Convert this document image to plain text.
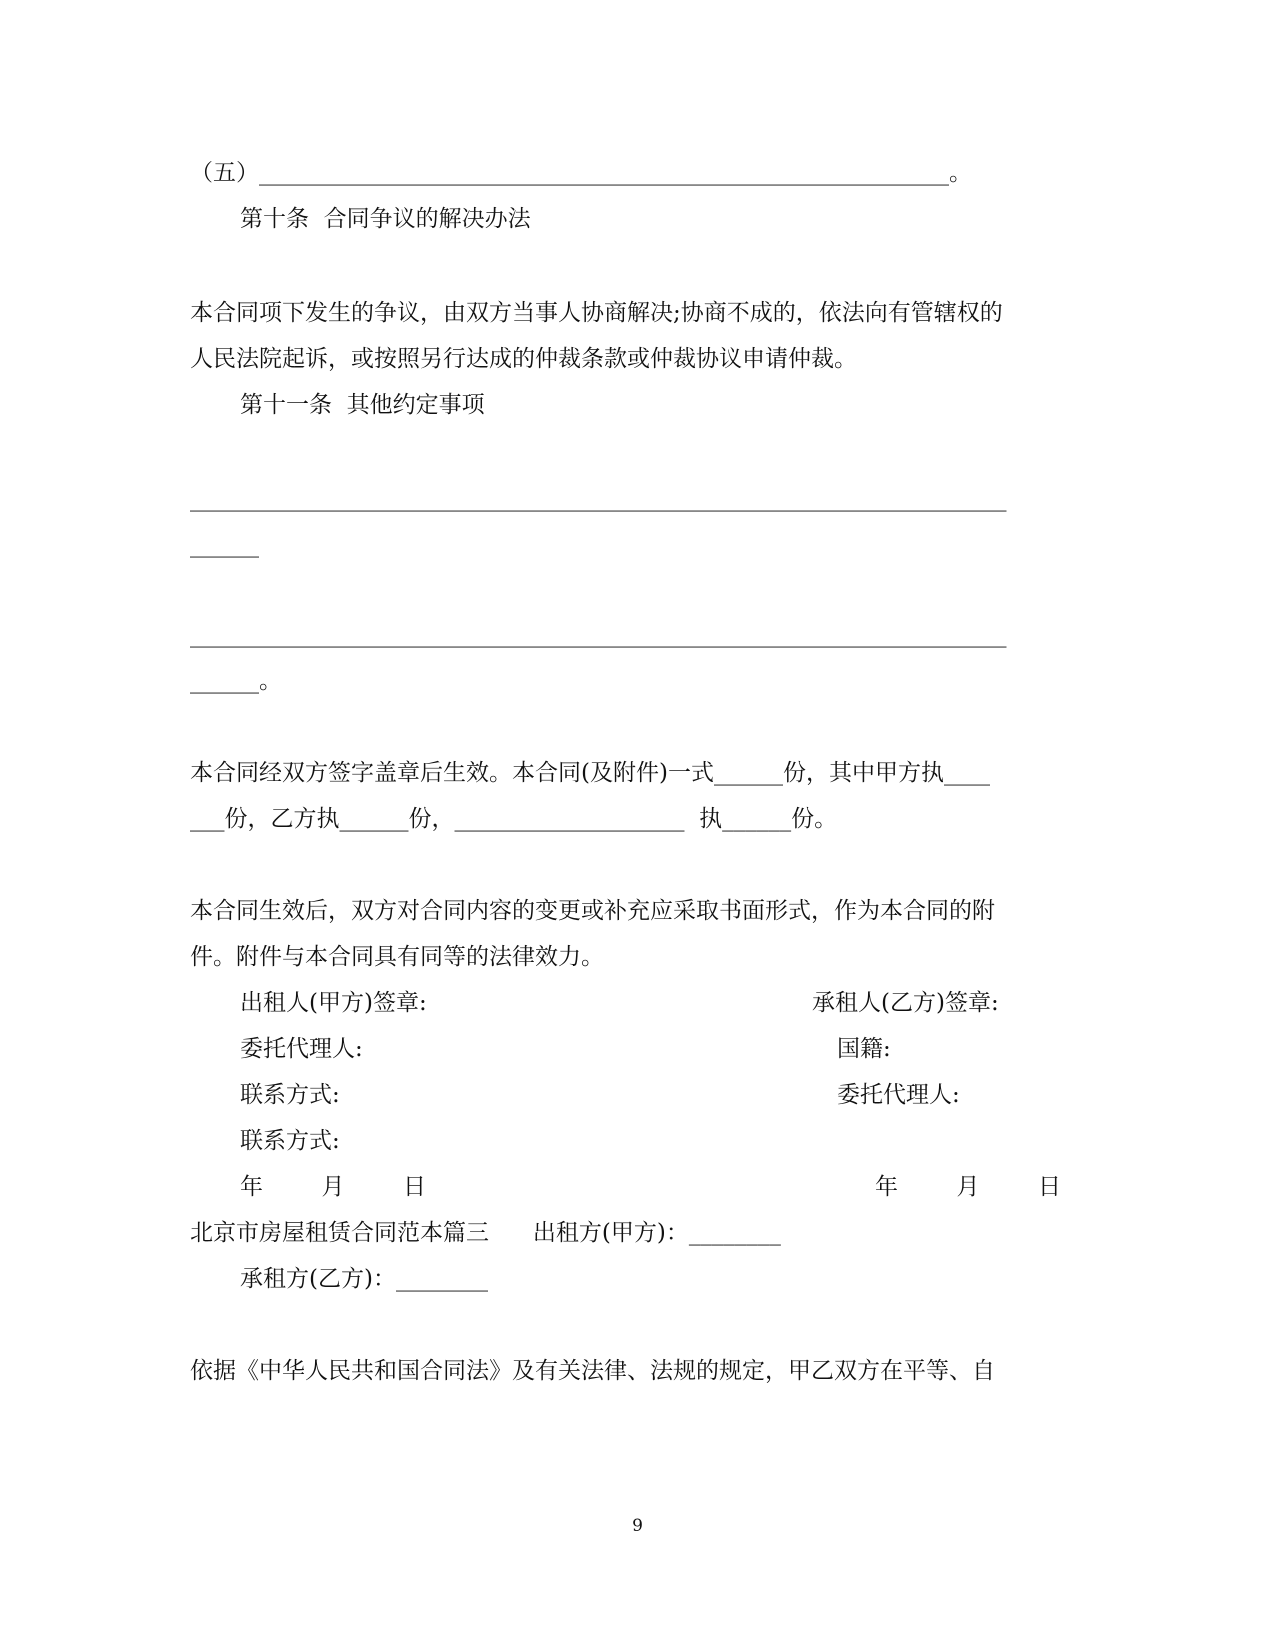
（五）____________________________________________________________。

第十条  合同争议的解决办法

本合同项下发生的争议，由双方当事人协商解决;协商不成的，依法向有管辖权的

人民法院起诉，或按照另行达成的仲裁条款或仲裁协议申请仲裁。

第十一条  其他约定事项

_______________________________________________________________________

______

_______________________________________________________________________

______。

本合同经双方签字盖章后生效。本合同(及附件)一式______份，其中甲方执____

___份，乙方执______份，____________________  执______份。

本合同生效后，双方对合同内容的变更或补充应采取书面形式，作为本合同的附

件。附件与本合同具有同等的法律效力。

出租人(甲方)签章:	承租人(乙方)签章:

委托代理人:	国籍:

联系方式:	委托代理人:

联系方式:

年        月        日	年        月        日

北京市房屋租赁合同范本篇三      出租方(甲方)：________

承租方(乙方)：________

依据《中华人民共和国合同法》及有关法律、法规的规定，甲乙双方在平等、自

9
